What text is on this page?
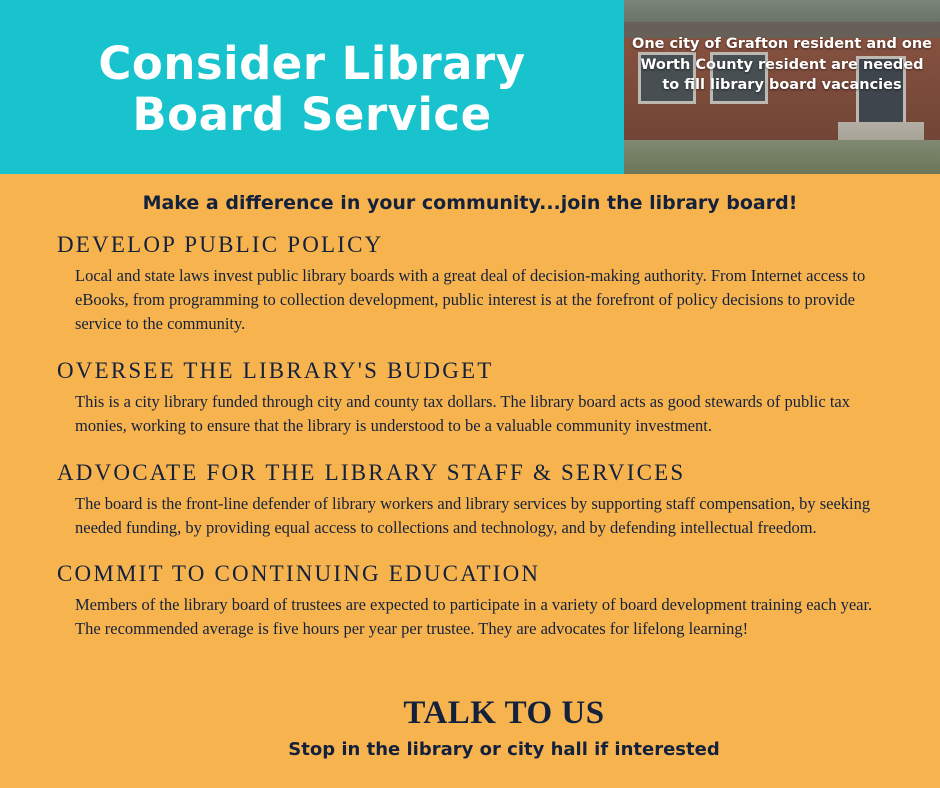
Consider Library
Board Service
One city of Grafton resident and one Worth County resident are needed to fill library board vacancies
Make a difference in your community...join the library board!
DEVELOP PUBLIC POLICY

Local and state laws invest public library boards with a great deal of decision-making authority. From Internet access to eBooks, from programming to collection development, public interest is at the forefront of policy decisions to provide service to the community.

OVERSEE THE LIBRARY'S BUDGET

This is a city library funded through city and county tax dollars. The library board acts as good stewards of public tax monies, working to ensure that the library is understood to be a valuable community investment.

ADVOCATE FOR THE LIBRARY STAFF & SERVICES

The board is the front-line defender of library workers and library services by supporting staff compensation, by seeking needed funding, by providing equal access to collections and technology, and by defending intellectual freedom.

COMMIT TO CONTINUING EDUCATION

Members of the library board of trustees are expected to participate in a variety of board development training each year. The recommended average is five hours per year per trustee. They are advocates for lifelong learning!

TALK TO US
Stop in the library or city hall if interested
